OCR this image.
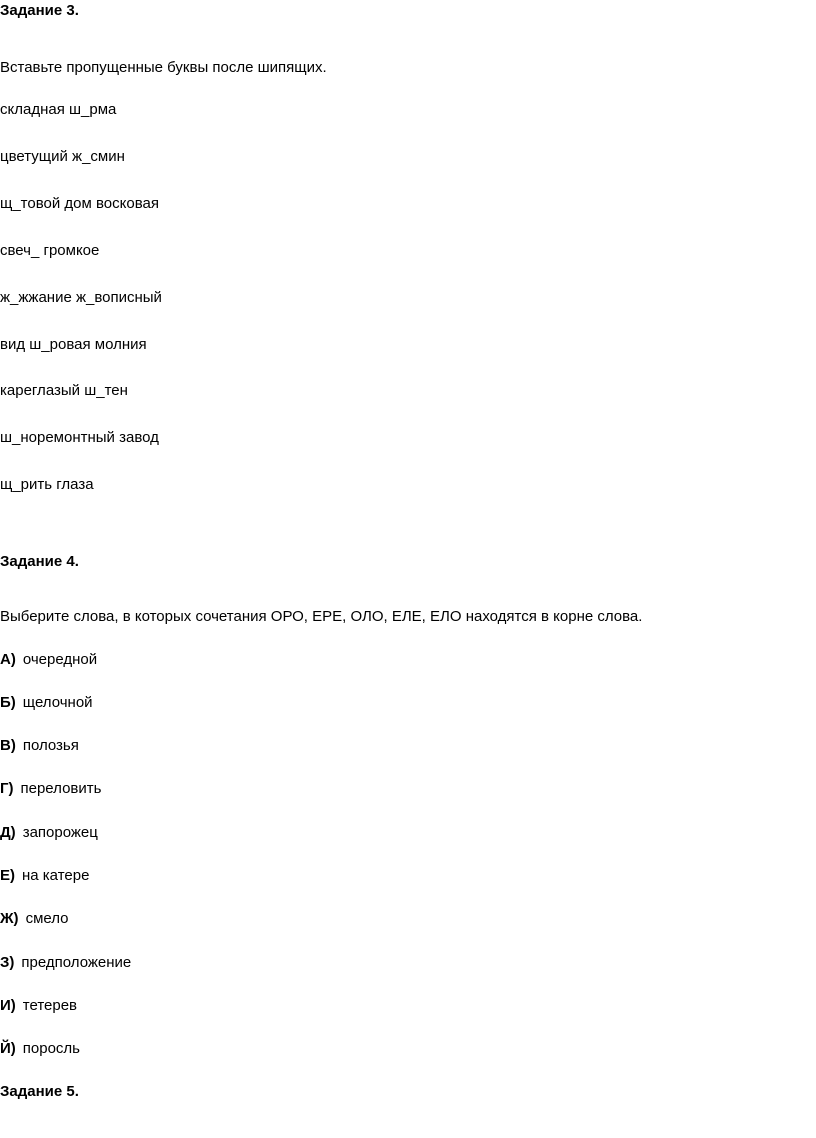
Задание 3.
Вставьте пропущенные буквы после шипящих.
складная ш_рма
цветущий ж_смин
щ_товой дом восковая
свеч_ громкое
ж_жжание ж_вописный
вид ш_ровая молния
кареглазый ш_тен
ш_норемонтный завод
щ_рить глаза
Задание 4.
Выберите слова, в которых сочетания ОРО, ЕРЕ, ОЛО, ЕЛЕ, ЕЛО находятся в корне слова.
А) очередной
Б) щелочной
В) полозья
Г) переловить
Д) запорожец
Е) на катере
Ж) смело
З) предположение
И) тетерев
Й) поросль
Задание 5.
